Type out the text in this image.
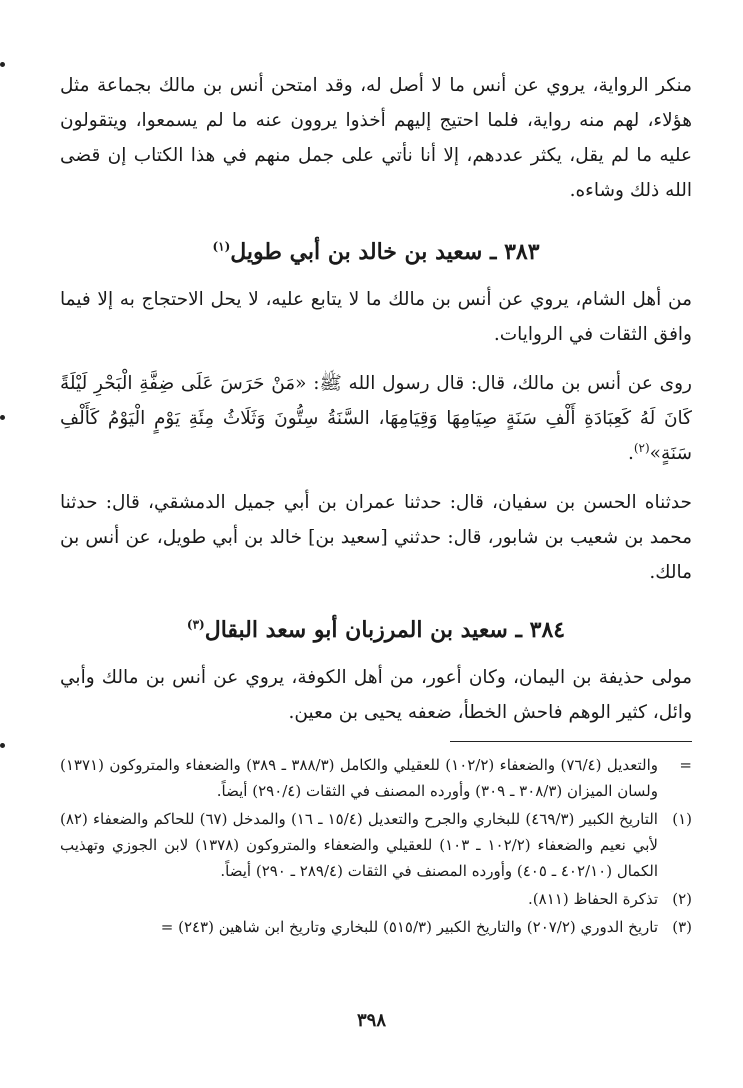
منكر الرواية، يروي عن أنس ما لا أصل له، وقد امتحن أنس بن مالك بجماعة مثل هؤلاء، لهم منه رواية، فلما احتيج إليهم أخذوا يروون عنه ما لم يسمعوا، ويتقولون عليه ما لم يقل، يكثر عددهم، إلا أنا نأتي على جمل منهم في هذا الكتاب إن قضى الله ذلك وشاءه.

٣٨٣ ـ سعيد بن خالد بن أبي طويل$^{(١)}$

من أهل الشام، يروي عن أنس بن مالك ما لا يتابع عليه، لا يحل الاحتجاج به إلا فيما وافق الثقات في الروايات.

روى عن أنس بن مالك، قال: قال رسول الله ﷺ: «مَنْ حَرَسَ عَلَى ضِفَّةِ الْبَحْرِ لَيْلَةً كَانَ لَهُ كَعِبَادَةِ أَلْفِ سَنَةٍ صِيَامِهَا وَقِيَامِهَا، السَّنَةُ سِتُّونَ وَثَلَاثُ مِئَةِ يَوْمٍ الْيَوْمُ كَأَلْفِ سَنَةٍ»$^{(٢)}$.

حدثناه الحسن بن سفيان، قال: حدثنا عمران بن أبي جميل الدمشقي، قال: حدثنا محمد بن شعيب بن شابور، قال: حدثني [سعيد بن] خالد بن أبي طويل، عن أنس بن مالك.

٣٨٤ ـ سعيد بن المرزبان أبو سعد البقال$^{(٣)}$

مولى حذيفة بن اليمان، وكان أعور، من أهل الكوفة، يروي عن أنس بن مالك وأبي وائل، كثير الوهم فاحش الخطأ، ضعفه يحيى بن معين.

=
والتعديل (٧٦/٤) والضعفاء (١٠٢/٢) للعقيلي والكامل (٣٨٨/٣ ـ ٣٨٩) والضعفاء والمتروكون (١٣٧١) ولسان الميزان (٣٠٨/٣ ـ ٣٠٩) وأورده المصنف في الثقات (٢٩٠/٤) أيضاً.
(١)
التاريخ الكبير (٤٦٩/٣) للبخاري والجرح والتعديل (١٥/٤ ـ ١٦) والمدخل (٦٧) للحاكم والضعفاء (٨٢) لأبي نعيم والضعفاء (١٠٢/٢ ـ ١٠٣) للعقيلي والضعفاء والمتروكون (١٣٧٨) لابن الجوزي وتهذيب الكمال (٤٠٢/١٠ ـ ٤٠٥) وأورده المصنف في الثقات (٢٨٩/٤ ـ ٢٩٠) أيضاً.
(٢)
تذكرة الحفاظ (٨١١).
(٣)
تاريخ الدوري (٢٠٧/٢) والتاريخ الكبير (٥١٥/٣) للبخاري وتاريخ ابن شاهين (٢٤٣) =
٣٩٨
